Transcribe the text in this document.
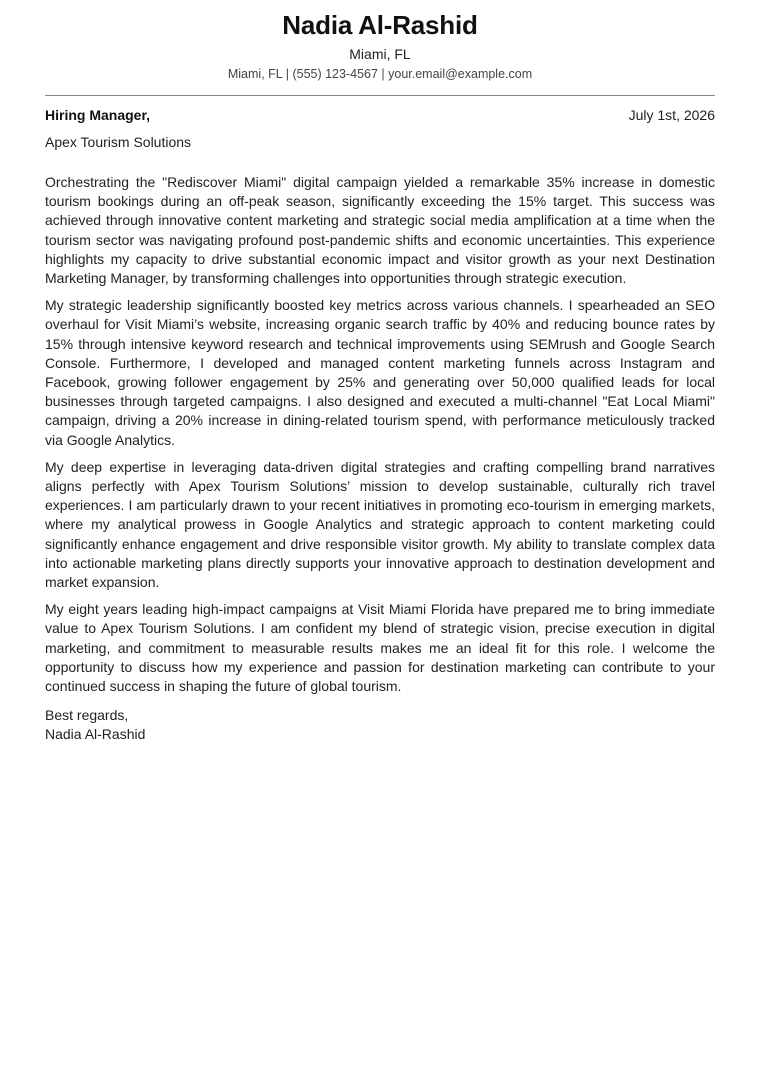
Nadia Al-Rashid
Miami, FL
Miami, FL | (555) 123-4567 | your.email@example.com
Hiring Manager,	July 1st, 2026
Apex Tourism Solutions

Orchestrating the "Rediscover Miami" digital campaign yielded a remarkable 35% increase in domestic tourism bookings during an off-peak season, significantly exceeding the 15% target. This success was achieved through innovative content marketing and strategic social media amplification at a time when the tourism sector was navigating profound post-pandemic shifts and economic uncertainties. This experience highlights my capacity to drive substantial economic impact and visitor growth as your next Destination Marketing Manager, by transforming challenges into opportunities through strategic execution.

My strategic leadership significantly boosted key metrics across various channels. I spearheaded an SEO overhaul for Visit Miami’s website, increasing organic search traffic by 40% and reducing bounce rates by 15% through intensive keyword research and technical improvements using SEMrush and Google Search Console. Furthermore, I developed and managed content marketing funnels across Instagram and Facebook, growing follower engagement by 25% and generating over 50,000 qualified leads for local businesses through targeted campaigns. I also designed and executed a multi-channel "Eat Local Miami" campaign, driving a 20% increase in dining-related tourism spend, with performance meticulously tracked via Google Analytics.

My deep expertise in leveraging data-driven digital strategies and crafting compelling brand narratives aligns perfectly with Apex Tourism Solutions’ mission to develop sustainable, culturally rich travel experiences. I am particularly drawn to your recent initiatives in promoting eco-tourism in emerging markets, where my analytical prowess in Google Analytics and strategic approach to content marketing could significantly enhance engagement and drive responsible visitor growth. My ability to translate complex data into actionable marketing plans directly supports your innovative approach to destination development and market expansion.

My eight years leading high-impact campaigns at Visit Miami Florida have prepared me to bring immediate value to Apex Tourism Solutions. I am confident my blend of strategic vision, precise execution in digital marketing, and commitment to measurable results makes me an ideal fit for this role. I welcome the opportunity to discuss how my experience and passion for destination marketing can contribute to your continued success in shaping the future of global tourism.

Best regards,
Nadia Al-Rashid
